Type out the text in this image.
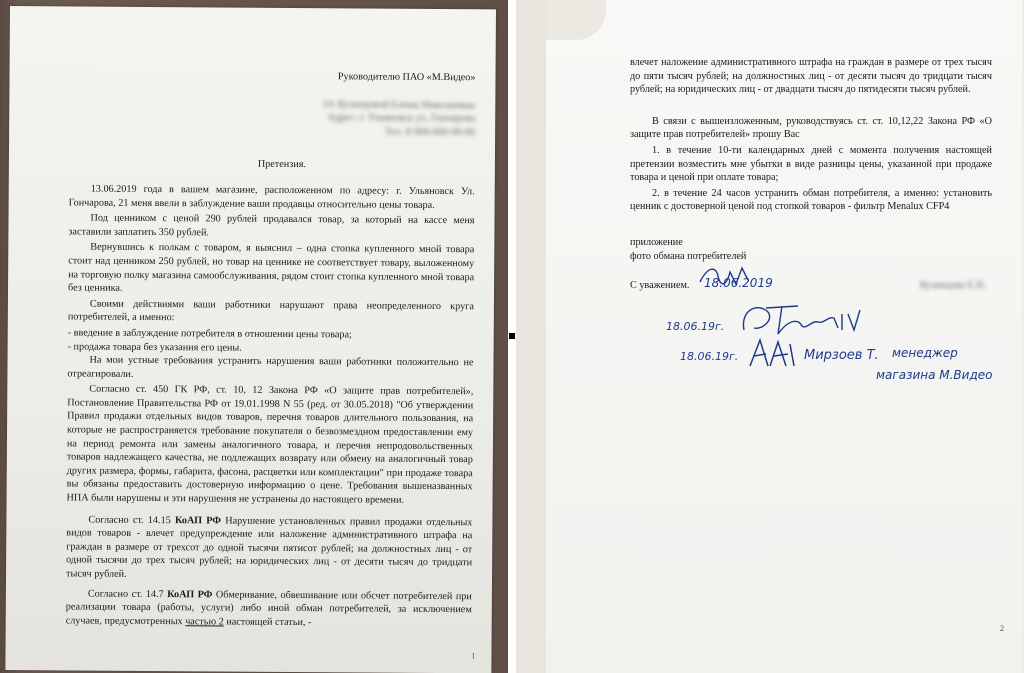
Руководителю ПАО «М.Видео»
От Кузнецовой Елены Николаевны
Адрес: г. Ульяновск ул. Гончарова
Тел. 8-900-000-00-00
Претензия.

13.06.2019 года в вашем магазине, расположенном по адресу: г. Ульяновск Ул. Гончарова, 21 меня ввели в заблуждение ваши продавцы относительно цены товара.

Под ценником с ценой 290 рублей продавался товар, за который на кассе меня заставили заплатить 350 рублей.

Вернувшись к полкам с товаром, я выяснил – одна стопка купленного мной товара стоит над ценником 250 рублей, но товар на ценнике не соответствует товару, выложенному на торговую полку магазина самообслуживания, рядом стоит стопка купленного мной товара без ценника.

Своими действиями ваши работники нарушают права неопределенного круга потребителей, а именно:

- введение в заблуждение потребителя в отношении цены товара;

- продажа товара без указания его цены.

На мои устные требования устранить нарушения ваши работники положительно не отреагировали.

Согласно ст. 450 ГК РФ, ст. 10, 12 Закона РФ «О защите прав потребителей», Постановление Правительства РФ от 19.01.1998 N 55 (ред. от 30.05.2018) "Об утверждении Правил продажи отдельных видов товаров, перечня товаров длительного пользования, на которые не распространяется требование покупателя о безвозмездном предоставлении ему на период ремонта или замены аналогичного товара, и перечня непродовольственных товаров надлежащего качества, не подлежащих возврату или обмену на аналогичный товар других размера, формы, габарита, фасона, расцветки или комплектации" при продаже товара вы обязаны предоставить достоверную информацию о цене. Требования вышеназванных НПА были нарушены и эти нарушения не устранены до настоящего времени.

Согласно ст. 14.15 КоАП РФ Нарушение установленных правил продажи отдельных видов товаров - влечет предупреждение или наложение административного штрафа на граждан в размере от трехсот до одной тысячи пятисот рублей; на должностных лиц - от одной тысячи до трех тысяч рублей; на юридических лиц - от десяти тысяч до тридцати тысяч рублей.

Согласно ст. 14.7 КоАП РФ Обмеривание, обвешивание или обсчет потребителей при реализации товара (работы, услуги) либо иной обман потребителей, за исключением случаев, предусмотренных частью 2 настоящей статьи, -

1

влечет наложение административного штрафа на граждан в размере от трех тысяч до пяти тысяч рублей; на должностных лиц - от десяти тысяч до тридцати тысяч рублей; на юридических лиц - от двадцати тысяч до пятидесяти тысяч рублей.

В связи с вышеизложенным, руководствуясь ст. ст. 10,12,22 Закона РФ «О защите прав потребителей» прошу Вас

1. в течение 10-ти календарных дней с момента получения настоящей претензии возместить мне убытки в виде разницы цены, указанной при продаже товара и ценой при оплате товара;

2. в течение 24 часов устранить обман потребителя, а именно: установить ценник с достоверной ценой под стопкой товаров - фильтр Menalux CFP4

приложение
фото обмана потребителей
С уважением. 18.06.2019	Кузнецова Е.Н.
18.06.19г.
18.06.19г.	Мирзоев Т. менеджер
магазина М.Видео
2
